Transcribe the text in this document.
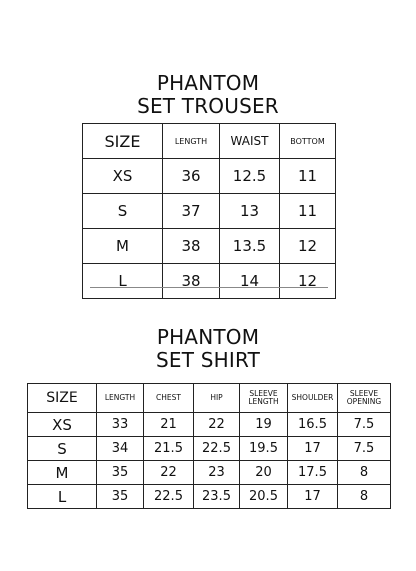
PHANTOM
SET TROUSER
SIZE	LENGTH	WAIST	BOTTOM
XS	36	12.5	11
S	37	13	11
M	38	13.5	12
L	38	14	12
PHANTOM
SET SHIRT
SIZE	LENGTH	CHEST	HIP	SLEEVE LENGTH	SHOULDER	SLEEVE OPENING
XS	33	21	22	19	16.5	7.5
S	34	21.5	22.5	19.5	17	7.5
M	35	22	23	20	17.5	8
L	35	22.5	23.5	20.5	17	8
